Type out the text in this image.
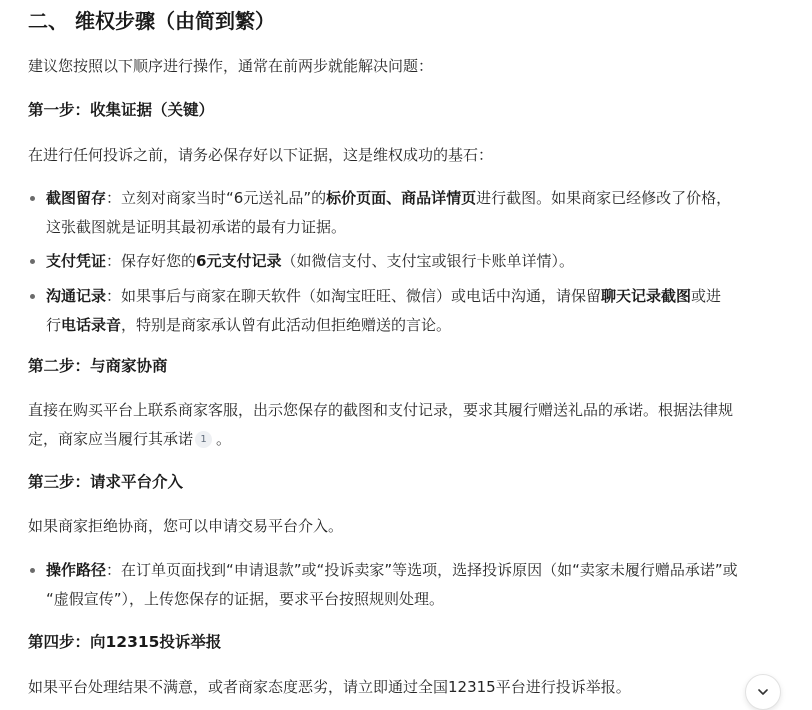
二、 维权步骤（由简到繁）

建议您按照以下顺序进行操作，通常在前两步就能解决问题：

第一步：收集证据（关键）

在进行任何投诉之前，请务必保存好以下证据，这是维权成功的基石：

截图留存：立刻对商家当时“6元送礼品”的标价页面、商品详情页进行截图。如果商家已经修改了价格，
这张截图就是证明其最初承诺的最有力证据。
支付凭证：保存好您的6元支付记录（如微信支付、支付宝或银行卡账单详情）。
沟通记录：如果事后与商家在聊天软件（如淘宝旺旺、微信）或电话中沟通，请保留聊天记录截图或进
行电话录音，特别是商家承认曾有此活动但拒绝赠送的言论。

第二步：与商家协商

直接在购买平台上联系商家客服，出示您保存的截图和支付记录，要求其履行赠送礼品的承诺。根据法律规
定，商家应当履行其承诺 1 。

第三步：请求平台介入

如果商家拒绝协商，您可以申请交易平台介入。

操作路径：在订单页面找到“申请退款”或“投诉卖家”等选项，选择投诉原因（如“卖家未履行赠品承诺”或
“虚假宣传”），上传您保存的证据，要求平台按照规则处理。

第四步：向12315投诉举报

如果平台处理结果不满意，或者商家态度恶劣，请立即通过全国12315平台进行投诉举报。
